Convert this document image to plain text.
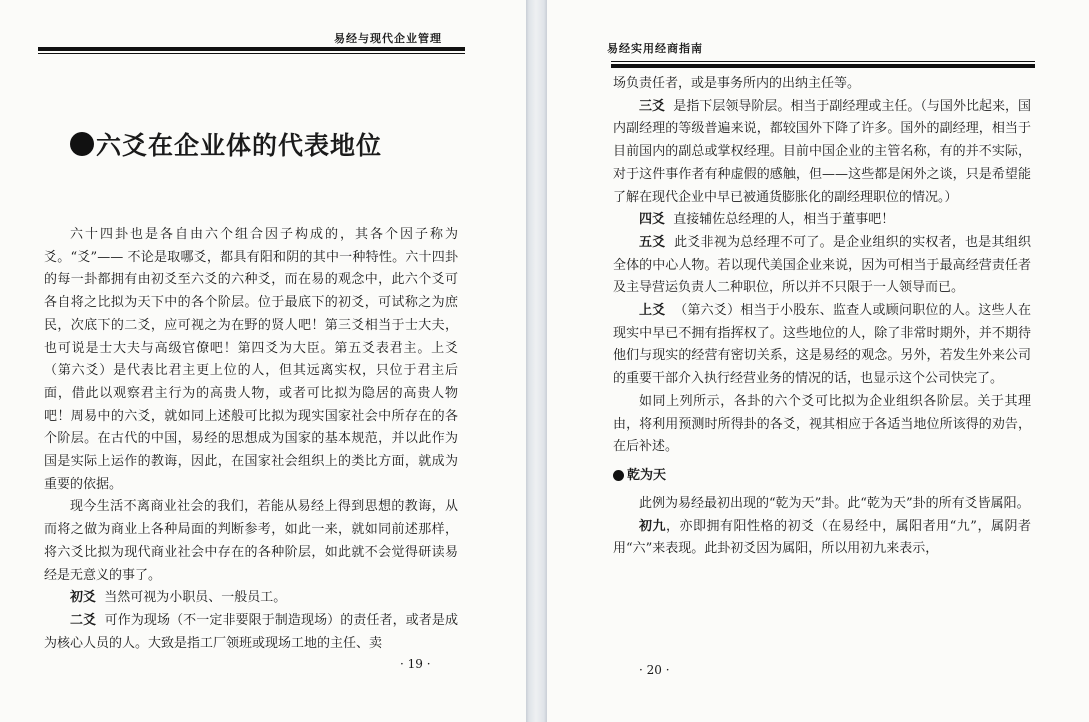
易经与现代企业管理
六爻在企业体的代表地位

六十四卦也是各自由六个组合因子构成的，其各个因子称为爻。“爻”—— 不论是取哪爻，都具有阳和阴的其中一种特性。六十四卦的每一卦都拥有由初爻至六爻的六种爻，而在易的观念中，此六个爻可各自将之比拟为天下中的各个阶层。位于最底下的初爻，可试称之为庶民，次底下的二爻，应可视之为在野的贤人吧！第三爻相当于士大夫，也可说是士大夫与高级官僚吧！第四爻为大臣。第五爻表君主。上爻（第六爻）是代表比君主更上位的人，但其远离实权，只位于君主后面，借此以观察君主行为的高贵人物，或者可比拟为隐居的高贵人物吧！周易中的六爻，就如同上述般可比拟为现实国家社会中所存在的各个阶层。在古代的中国，易经的思想成为国家的基本规范，并以此作为国是实际上运作的教诲，因此，在国家社会组织上的类比方面，就成为重要的依据。

现今生活不离商业社会的我们，若能从易经上得到思想的教诲，从而将之做为商业上各种局面的判断参考，如此一来，就如同前述那样，将六爻比拟为现代商业社会中存在的各种阶层，如此就不会觉得研读易经是无意义的事了。

初爻 当然可视为小职员、一般员工。

二爻 可作为现场（不一定非要限于制造现场）的责任者，或者是成为核心人员的人。大致是指工厂领班或现场工地的主任、卖

· 19 ·
易经实用经商指南

场负责任者，或是事务所内的出纳主任等。

三爻 是指下层领导阶层。相当于副经理或主任。（与国外比起来，国内副经理的等级普遍来说，都较国外下降了许多。国外的副经理，相当于目前国内的副总或掌权经理。目前中国企业的主管名称，有的并不实际，对于这件事作者有种虚假的感触，但——这些都是闲外之谈，只是希望能了解在现代企业中早已被通货膨胀化的副经理职位的情况。）

四爻 直接辅佐总经理的人，相当于董事吧！

五爻 此爻非视为总经理不可了。是企业组织的实权者，也是其组织全体的中心人物。若以现代美国企业来说，因为可相当于最高经营责任者及主导营运负责人二种职位，所以并不只限于一人领导而已。

上爻 （第六爻）相当于小股东、监查人或顾问职位的人。这些人在现实中早已不拥有指挥权了。这些地位的人，除了非常时期外，并不期待他们与现实的经营有密切关系，这是易经的观念。另外，若发生外来公司的重要干部介入执行经营业务的情况的话，也显示这个公司快完了。

如同上列所示，各卦的六个爻可比拟为企业组织各阶层。关于其理由，将利用预测时所得卦的各爻，视其相应于各适当地位所该得的劝告，在后补述。

乾为天

此例为易经最初出现的“乾为天”卦。此“乾为天”卦的所有爻皆属阳。

初九，亦即拥有阳性格的初爻（在易经中，属阳者用“九”，属阴者用“六”来表现。此卦初爻因为属阳，所以用初九来表示，

· 20 ·
